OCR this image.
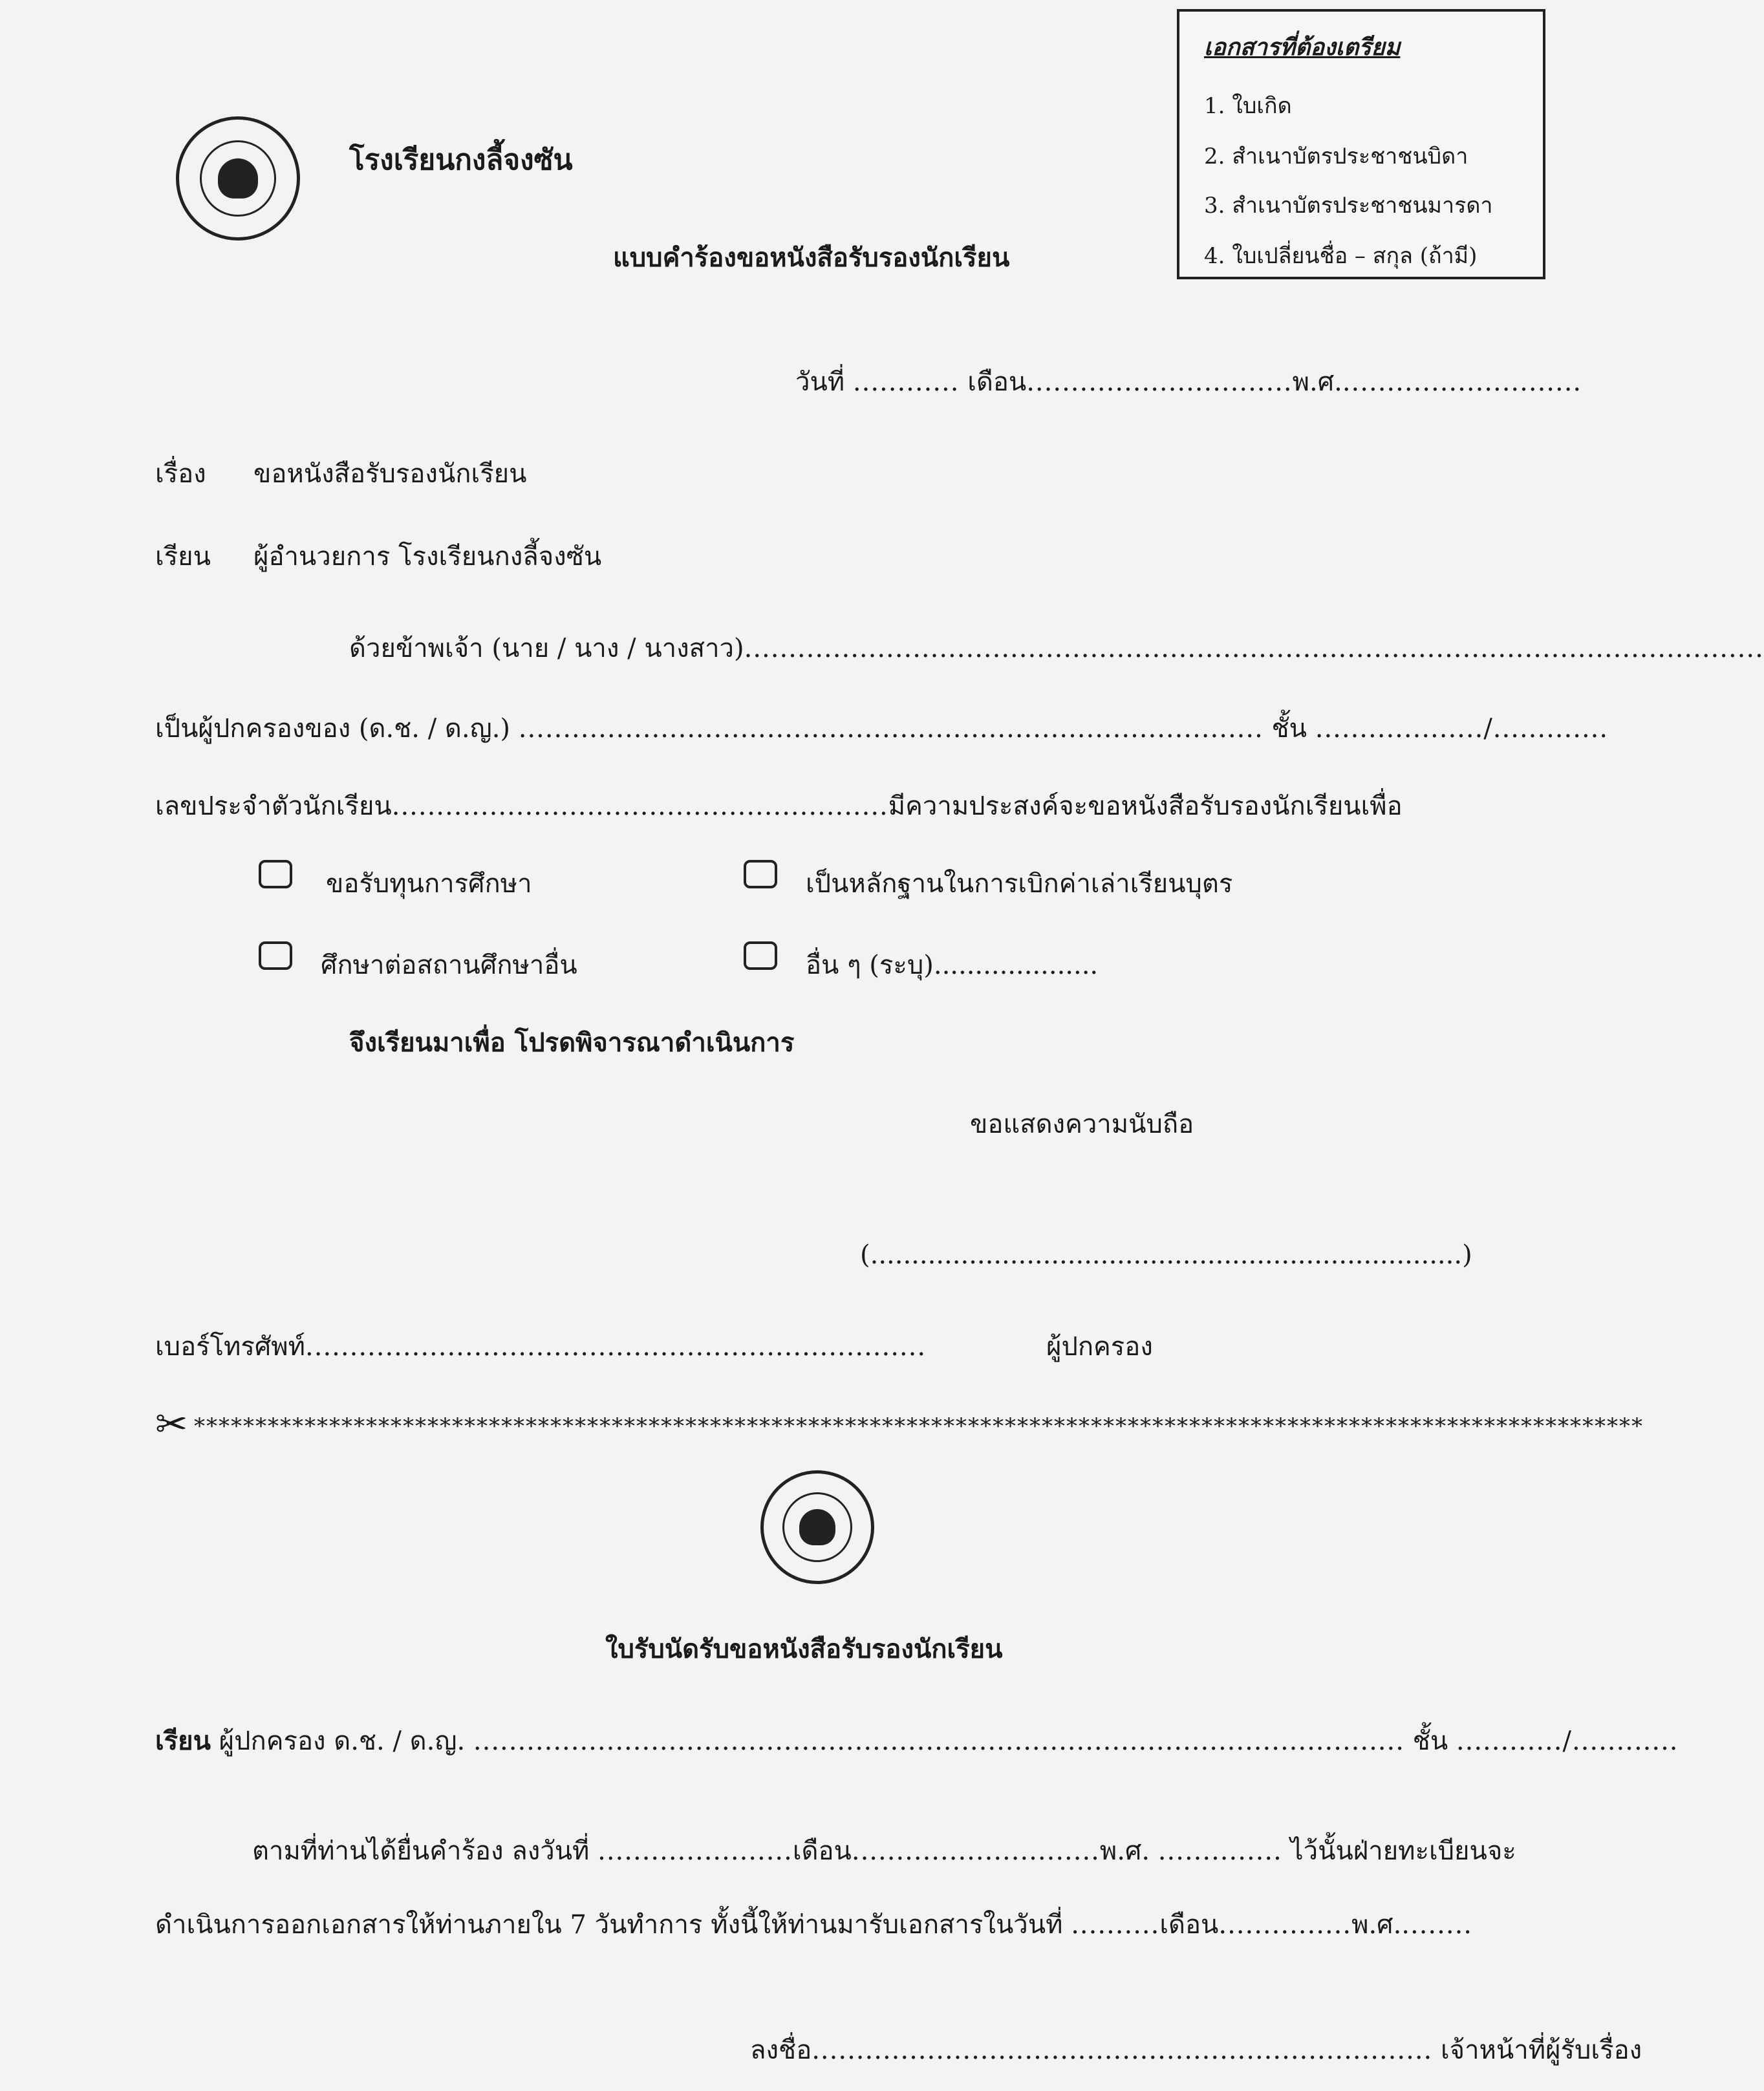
โรงเรียนกงลี้จงซัน
เอกสารที่ต้องเตรียม
1. ใบเกิด
2. สำเนาบัตรประชาชนบิดา
3. สำเนาบัตรประชาชนมารดา
4. ใบเปลี่ยนชื่อ – สกุล (ถ้ามี)
แบบคำร้องขอหนังสือรับรองนักเรียน
วันที่ ............ เดือน..............................พ.ศ............................
เรื่อง ขอหนังสือรับรองนักเรียน
เรียน ผู้อำนวยการ โรงเรียนกงลี้จงซัน
ด้วยข้าพเจ้า (นาย / นาง / นางสาว)...................................................................................................................
เป็นผู้ปกครองของ (ด.ช. / ด.ญ.) .................................................................................... ชั้น .................../.............
เลขประจำตัวนักเรียน........................................................มีความประสงค์จะขอหนังสือรับรองนักเรียนเพื่อ
ขอรับทุนการศึกษา	เป็นหลักฐานในการเบิกค่าเล่าเรียนบุตร
ศึกษาต่อสถานศึกษาอื่น	อื่น ๆ (ระบุ)....................
จึงเรียนมาเพื่อ โปรดพิจารณาดำเนินการ
ขอแสดงความนับถือ
(........................................................................)
เบอร์โทรศัพท์......................................................................	ผู้ปกครอง
✂ **********************************************************************************************************************
ใบรับนัดรับขอหนังสือรับรองนักเรียน
เรียน ผู้ปกครอง ด.ช. / ด.ญ. ......................................................................................................... ชั้น ............/............
ตามที่ท่านได้ยื่นคำร้อง ลงวันที่ ......................เดือน............................พ.ศ. .............. ไว้นั้นฝ่ายทะเบียนจะ
ดำเนินการออกเอกสารให้ท่านภายใน 7 วันทำการ ทั้งนี้ให้ท่านมารับเอกสารในวันที่ ..........เดือน...............พ.ศ.........
ลงชื่อ...................................................................... เจ้าหน้าที่ผู้รับเรื่อง
